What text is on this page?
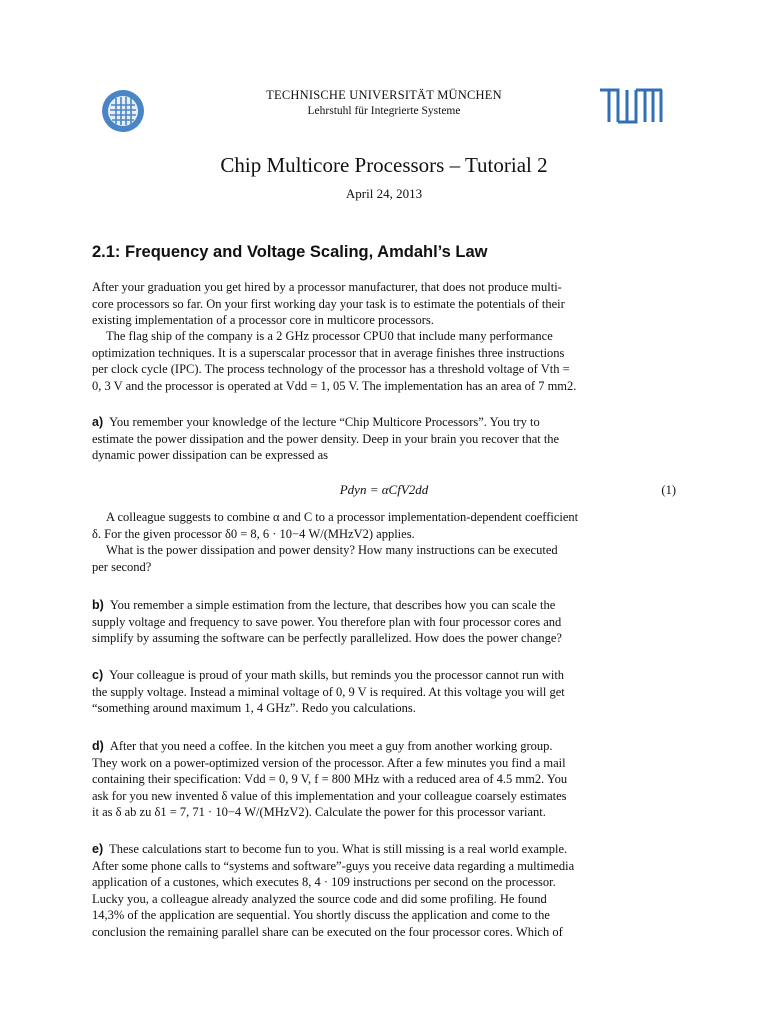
TECHNISCHE UNIVERSITÄT MÜNCHEN
Lehrstuhl für Integrierte Systeme
Chip Multicore Processors – Tutorial 2
April 24, 2013
2.1: Frequency and Voltage Scaling, Amdahl’s Law
After your graduation you get hired by a processor manufacturer, that does not produce multi-
core processors so far. On your first working day your task is to estimate the potentials of their
existing implementation of a processor core in multicore processors.
The flag ship of the company is a 2 GHz processor CPU0 that include many performance
optimization techniques. It is a superscalar processor that in average finishes three instructions
per clock cycle (IPC). The process technology of the processor has a threshold voltage of Vth =
0, 3 V and the processor is operated at Vdd = 1, 05 V. The implementation has an area of 7 mm2.
a) You remember your knowledge of the lecture “Chip Multicore Processors”. You try to
estimate the power dissipation and the power density. Deep in your brain you recover that the
dynamic power dissipation can be expressed as
Pdyn = αCfV2dd	(1)
A colleague suggests to combine α and C to a processor implementation-dependent coefficient
δ. For the given processor δ0 = 8, 6 · 10−4 W/(MHzV2) applies.
What is the power dissipation and power density? How many instructions can be executed
per second?
b) You remember a simple estimation from the lecture, that describes how you can scale the
supply voltage and frequency to save power. You therefore plan with four processor cores and
simplify by assuming the software can be perfectly parallelized. How does the power change?
c) Your colleague is proud of your math skills, but reminds you the processor cannot run with
the supply voltage. Instead a miminal voltage of 0, 9 V is required. At this voltage you will get
“something around maximum 1, 4 GHz”. Redo you calculations.
d) After that you need a coffee. In the kitchen you meet a guy from another working group.
They work on a power-optimized version of the processor. After a few minutes you find a mail
containing their specification: Vdd = 0, 9 V, f = 800 MHz with a reduced area of 4.5 mm2. You
ask for you new invented δ value of this implementation and your colleague coarsely estimates
it as δ ab zu δ1 = 7, 71 · 10−4 W/(MHzV2). Calculate the power for this processor variant.
e) These calculations start to become fun to you. What is still missing is a real world example.
After some phone calls to “systems and software”-guys you receive data regarding a multimedia
application of a custones, which executes 8, 4 · 109 instructions per second on the processor.
Lucky you, a colleague already analyzed the source code and did some profiling. He found
14,3% of the application are sequential. You shortly discuss the application and come to the
conclusion the remaining parallel share can be executed on the four processor cores. Which of
